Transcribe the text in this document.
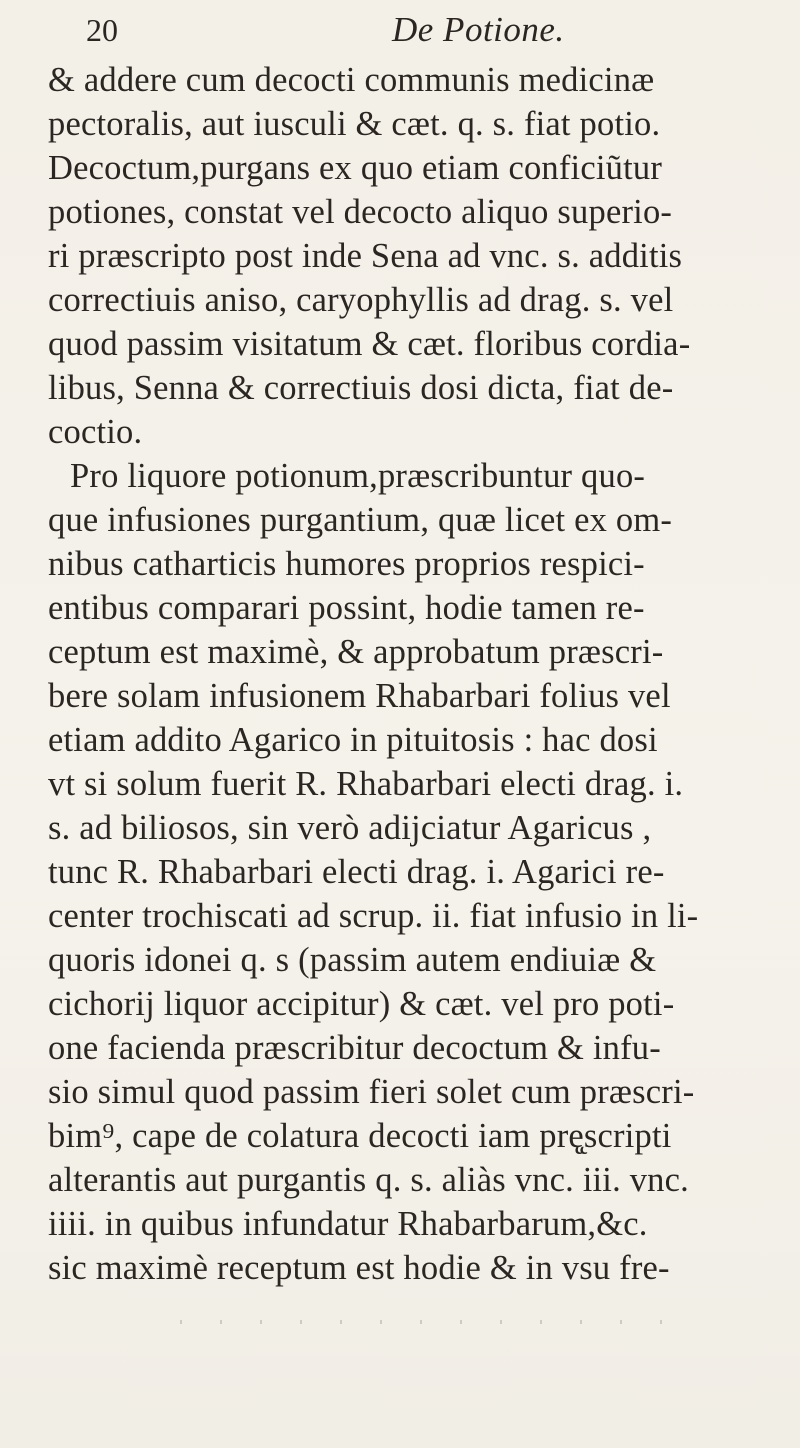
20	De Potione.
& addere cum decocti communis medicinæ
pectoralis, aut iusculi & cæt. q. s. fiat potio.
Decoctum,purgans ex quo etiam conficiũtur
potiones, constat vel decocto aliquo superio-
ri præscripto post inde Sena ad vnc. s. additis
correctiuis aniso, caryophyllis ad drag. s. vel
quod passim visitatum & cæt. floribus cordia-
libus, Senna & correctiuis dosi dicta, fiat de-
coctio.
Pro liquore potionum,præscribuntur quo-
que infusiones purgantium, quæ licet ex om-
nibus catharticis humores proprios respici-
entibus comparari possint, hodie tamen re-
ceptum est maximè, & approbatum præscri-
bere solam infusionem Rhabarbari folius vel
etiam addito Agarico in pituitosis : hac dosi
vt si solum fuerit R. Rhabarbari electi drag. i.
s. ad biliosos, sin verò adijciatur Agaricus ,
tunc R. Rhabarbari electi drag. i. Agarici re-
center trochiscati ad scrup. ii. fiat infusio in li-
quoris idonei q. s (passim autem endiuiæ &
cichorij liquor accipitur) & cæt. vel pro poti-
one facienda præscribitur decoctum & infu-
sio simul quod passim fieri solet cum præscri-
bim⁹, cape de colatura decocti iam prę̨scripti
alterantis aut purgantis q. s. aliàs vnc. iii. vnc.
iiii. in quibus infundatur Rhabarbarum,&c.
sic maximè receptum est hodie & in vsu fre-
